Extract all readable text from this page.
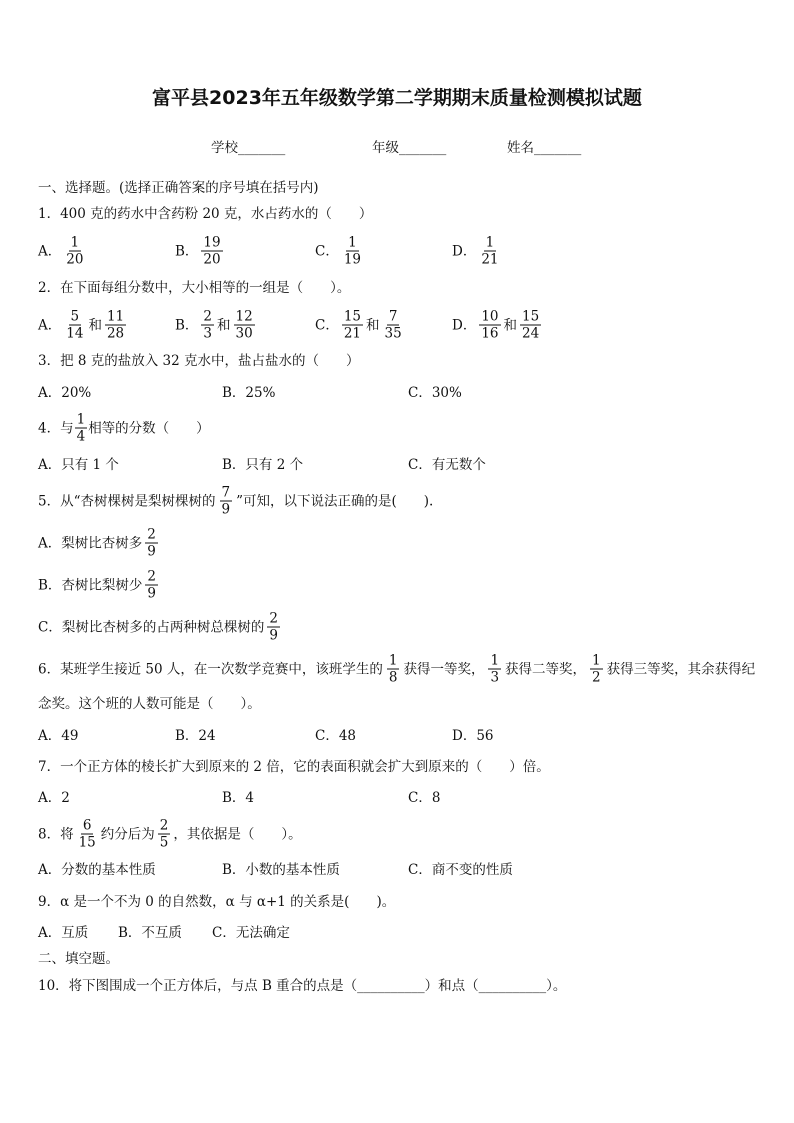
富平县2023年五年级数学第二学期期末质量检测模拟试题
学校_______	年级_______	姓名_______
一、选择题。(选择正确答案的序号填在括号内)
1．400 克的药水中含药粉 20 克，水占药水的（　　）
A． $\frac{1}{20}$	B． $\frac{19}{20}$	C． $\frac{1}{19}$	D． $\frac{1}{21}$
2．在下面每组分数中，大小相等的一组是（　　）。
A． $\frac{5}{14}$ 和 $\frac{11}{28}$	B． $\frac{2}{3}$ 和 $\frac{12}{30}$	C． $\frac{15}{21}$ 和 $\frac{7}{35}$	D． $\frac{10}{16}$ 和 $\frac{15}{24}$
3．把 8 克的盐放入 32 克水中，盐占盐水的（　　）
A．20%	B．25%	C．30%
4．与 $\frac{1}{4}$ 相等的分数（　　）
A．只有 1 个	B．只有 2 个	C．有无数个
5．从“杏树棵树是梨树棵树的 $\frac{7}{9}$ ”可知，以下说法正确的是(　　).
A．梨树比杏树多 $\frac{2}{9}$
B．杏树比梨树少 $\frac{2}{9}$
C．梨树比杏树多的占两种树总棵树的 $\frac{2}{9}$
6．某班学生接近 50 人，在一次数学竞赛中，该班学生的 $\frac{1}{8}$ 获得一等奖， $\frac{1}{3}$ 获得二等奖， $\frac{1}{2}$ 获得三等奖，其余获得纪
念奖。这个班的人数可能是（　　）。
A．49	B．24	C．48	D．56
7．一个正方体的棱长扩大到原来的 2 倍，它的表面积就会扩大到原来的（　　）倍。
A．2	B．4	C．8
8．将 $\frac{6}{15}$ 约分后为 $\frac{2}{5}$ ，其依据是（　　）。
A．分数的基本性质	B．小数的基本性质	C．商不变的性质
9．α 是一个不为 0 的自然数，α 与 α+1 的关系是(　　)。
A．互质 B．不互质 C．无法确定
二、填空题。
10．将下图围成一个正方体后，与点 B 重合的点是（__________）和点（__________）。
